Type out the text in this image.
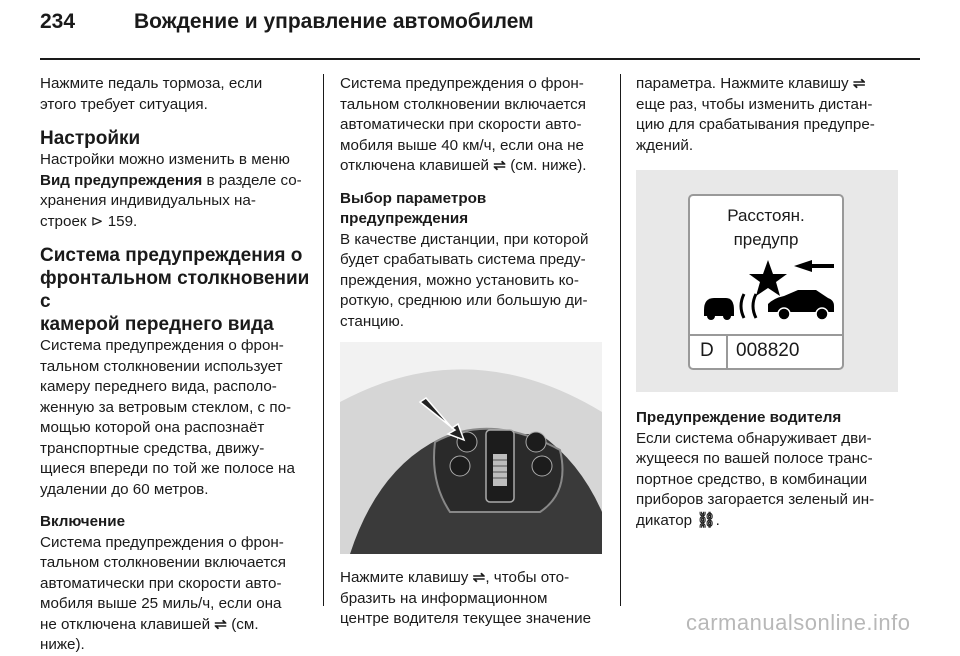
234	Вождение и управление автомобилем

Нажмите педаль тормоза, если

этого требует ситуация.

Настройки

Настройки можно изменить в меню

Вид предупреждения в разделе со-

хранения индивидуальных на-

строек ⊳ 159.

Система предупреждения о
фронтальном столкновении с
камерой переднего вида

Система предупреждения о фрон-

тальном столкновении использует

камеру переднего вида, располо-

женную за ветровым стеклом, с по-

мощью которой она распознаёт

транспортные средства, движу-

щиеся впереди по той же полосе на

удалении до 60 метров.

Включение

Система предупреждения о фрон-

тальном столкновении включается

автоматически при скорости авто-

мобиля выше 25 миль/ч, если она

не отключена клавишей ⇌ (см.

ниже).

Система предупреждения о фрон-

тальном столкновении включается

автоматически при скорости авто-

мобиля выше 40 км/ч, если она не

отключена клавишей ⇌ (см. ниже).

Выбор параметров
предупреждения

В качестве дистанции, при которой

будет срабатывать система преду-

преждения, можно установить ко-

роткую, среднюю или большую ди-

станцию.

Нажмите клавишу ⇌, чтобы ото-

бразить на информационном

центре водителя текущее значение

параметра. Нажмите клавишу ⇌

еще раз, чтобы изменить дистан-

цию для срабатывания предупре-

ждений.

Расстоян.
предупр
D 008820
Предупреждение водителя

Если система обнаруживает дви-

жущееся по вашей полосе транс-

портное средство, в комбинации

приборов загорается зеленый ин-

дикатор ⛓.

carmanualsonline.info
